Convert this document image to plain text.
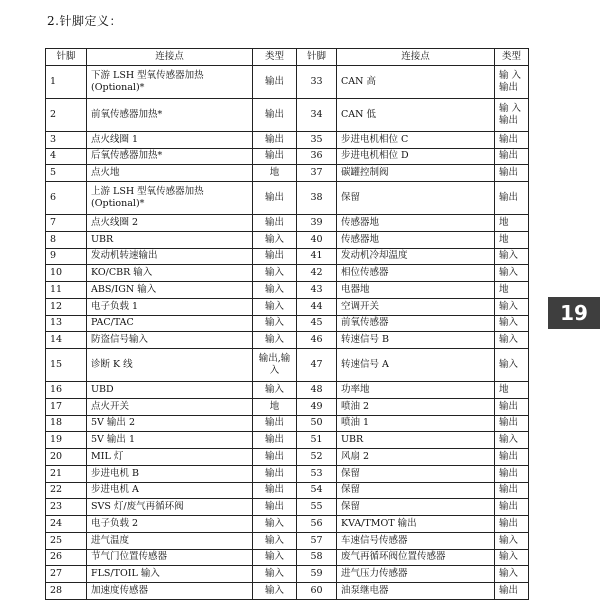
2.针脚定义：
针脚	连接点	类型	针脚	连接点	类型
1	下游 LSH 型氧传感器加热(Optional)*	输出	33	CAN 高	输 入 输出
2	前氧传感器加热*	输出	34	CAN 低	输 入 输出
3	点火线圈 1	输出	35	步进电机相位 C	输出
4	后氧传感器加热*	输出	36	步进电机相位 D	输出
5	点火地	地	37	碳罐控制阀	输出
6	上游 LSH 型氧传感器加热(Optional)*	输出	38	保留	输出
7	点火线圈 2	输出	39	传感器地	地
8	UBR	输入	40	传感器地	地
9	发动机转速输出	输出	41	发动机冷却温度	输入
10	KO/CBR 输入	输入	42	相位传感器	输入
11	ABS/IGN 输入	输入	43	电器地	地
12	电子负载 1	输入	44	空调开关	输入
13	PAC/TAC	输入	45	前氧传感器	输入
14	防盗信号输入	输入	46	转速信号 B	输入
15	诊断 K 线	输出,输入	47	转速信号 A	输入
16	UBD	输入	48	功率地	地
17	点火开关	地	49	喷油 2	输出
18	5V 输出 2	输出	50	喷油 1	输出
19	5V 输出 1	输出	51	UBR	输入
20	MIL 灯	输出	52	风扇 2	输出
21	步进电机 B	输出	53	保留	输出
22	步进电机 A	输出	54	保留	输出
23	SVS 灯/废气再循环阀	输出	55	保留	输出
24	电子负载 2	输入	56	KVA/TMOT 输出	输出
25	进气温度	输入	57	车速信号传感器	输入
26	节气门位置传感器	输入	58	废气再循环阀位置传感器	输入
27	FLS/TOIL 输入	输入	59	进气压力传感器	输入
28	加速度传感器	输入	60	油泵继电器	输出
19
